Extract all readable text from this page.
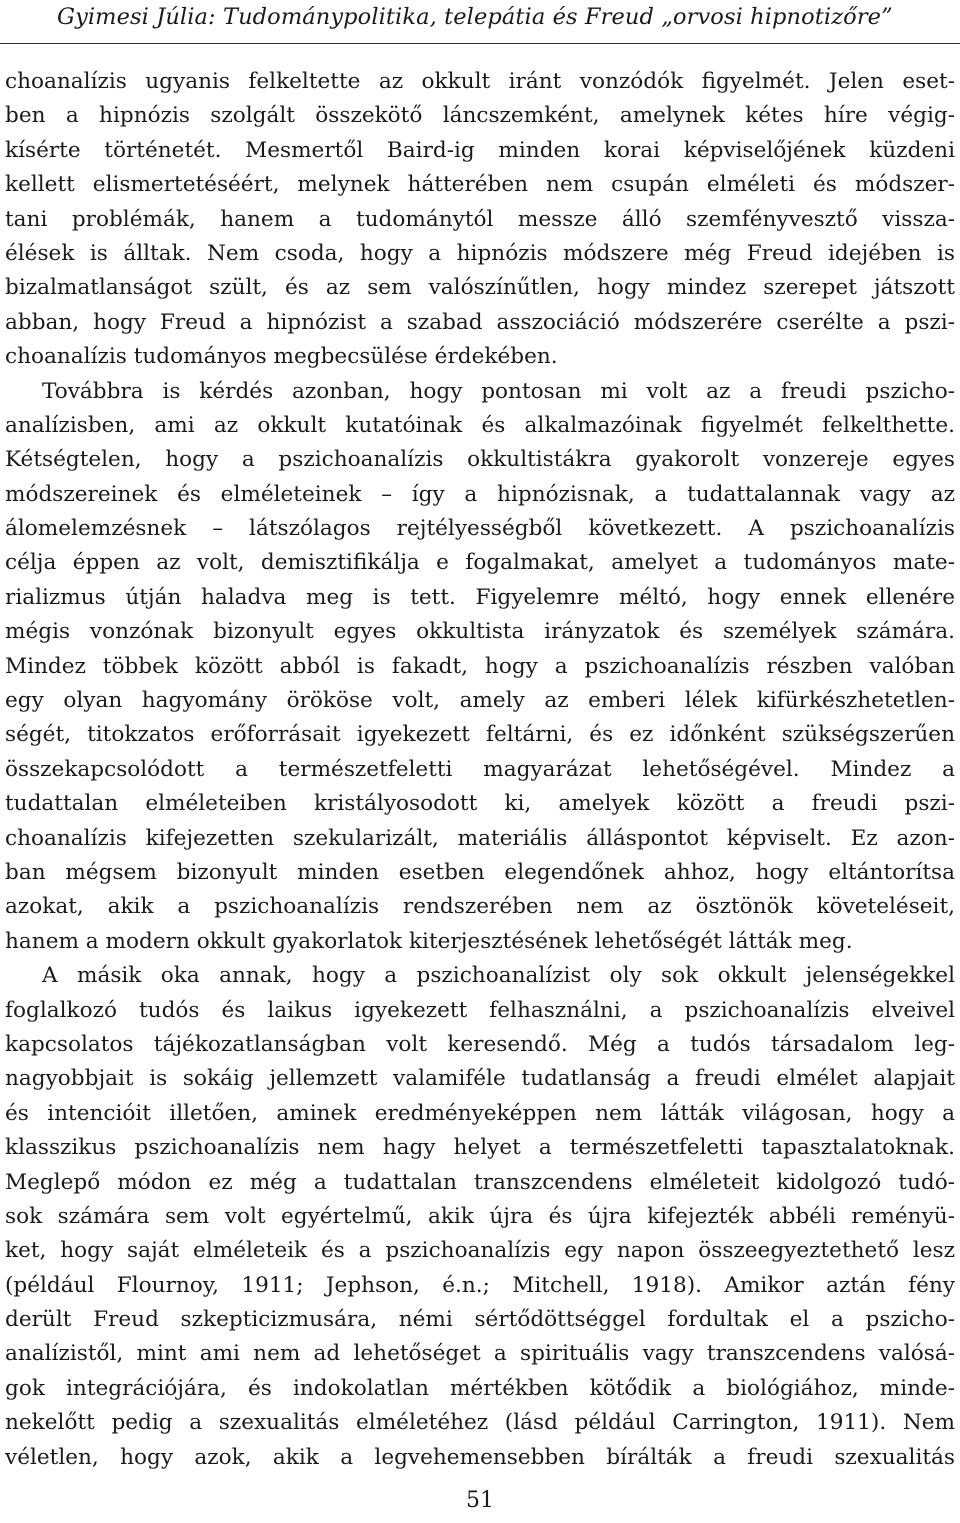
Gyimesi Júlia: Tudománypolitika, telepátia és Freud „orvosi hipnotizőre”
choanalízis ugyanis felkeltette az okkult iránt vonzódók figyelmét. Jelen eset-
ben a hipnózis szolgált összekötő láncszemként, amelynek kétes híre végig-
kísérte történetét. Mesmertől Baird-ig minden korai képviselőjének küzdeni
kellett elismertetéséért, melynek hátterében nem csupán elméleti és módszer-
tani problémák, hanem a tudománytól messze álló szemfényvesztő vissza-
élések is álltak. Nem csoda, hogy a hipnózis módszere még Freud idejében is
bizalmatlanságot szült, és az sem valószínűtlen, hogy mindez szerepet játszott
abban, hogy Freud a hipnózist a szabad asszociáció módszerére cserélte a pszi-
choanalízis tudományos megbecsülése érdekében.
Továbbra is kérdés azonban, hogy pontosan mi volt az a freudi pszicho-
analízisben, ami az okkult kutatóinak és alkalmazóinak figyelmét felkelthette.
Kétségtelen, hogy a pszichoanalízis okkultistákra gyakorolt vonzereje egyes
módszereinek és elméleteinek – így a hipnózisnak, a tudattalannak vagy az
álomelemzésnek – látszólagos rejtélyességből következett. A pszichoanalízis
célja éppen az volt, demisztifikálja e fogalmakat, amelyet a tudományos mate-
rializmus útján haladva meg is tett. Figyelemre méltó, hogy ennek ellenére
mégis vonzónak bizonyult egyes okkultista irányzatok és személyek számára.
Mindez többek között abból is fakadt, hogy a pszichoanalízis részben valóban
egy olyan hagyomány örököse volt, amely az emberi lélek kifürkészhetetlen-
ségét, titokzatos erőforrásait igyekezett feltárni, és ez időnként szükségszerűen
összekapcsolódott a természetfeletti magyarázat lehetőségével. Mindez a
tudattalan elméleteiben kristályosodott ki, amelyek között a freudi pszi-
choanalízis kifejezetten szekularizált, materiális álláspontot képviselt. Ez azon-
ban mégsem bizonyult minden esetben elegendőnek ahhoz, hogy eltántorítsa
azokat, akik a pszichoanalízis rendszerében nem az ösztönök követeléseit,
hanem a modern okkult gyakorlatok kiterjesztésének lehetőségét látták meg.
A másik oka annak, hogy a pszichoanalízist oly sok okkult jelenségekkel
foglalkozó tudós és laikus igyekezett felhasználni, a pszichoanalízis elveivel
kapcsolatos tájékozatlanságban volt keresendő. Még a tudós társadalom leg-
nagyobbjait is sokáig jellemzett valamiféle tudatlanság a freudi elmélet alapjait
és intencióit illetően, aminek eredményeképpen nem látták világosan, hogy a
klasszikus pszichoanalízis nem hagy helyet a természetfeletti tapasztalatoknak.
Meglepő módon ez még a tudattalan transzcendens elméleteit kidolgozó tudó-
sok számára sem volt egyértelmű, akik újra és újra kifejezték abbéli reményü-
ket, hogy saját elméleteik és a pszichoanalízis egy napon összeegyeztethető lesz
(például Flournoy, 1911; Jephson, é.n.; Mitchell, 1918). Amikor aztán fény
derült Freud szkepticizmusára, némi sértődöttséggel fordultak el a pszicho-
analízistől, mint ami nem ad lehetőséget a spirituális vagy transzcendens valósá-
gok integrációjára, és indokolatlan mértékben kötődik a biológiához, minde-
nekelőtt pedig a szexualitás elméletéhez (lásd például Carrington, 1911). Nem
véletlen, hogy azok, akik a legvehemensebben bírálták a freudi szexualitás
51
